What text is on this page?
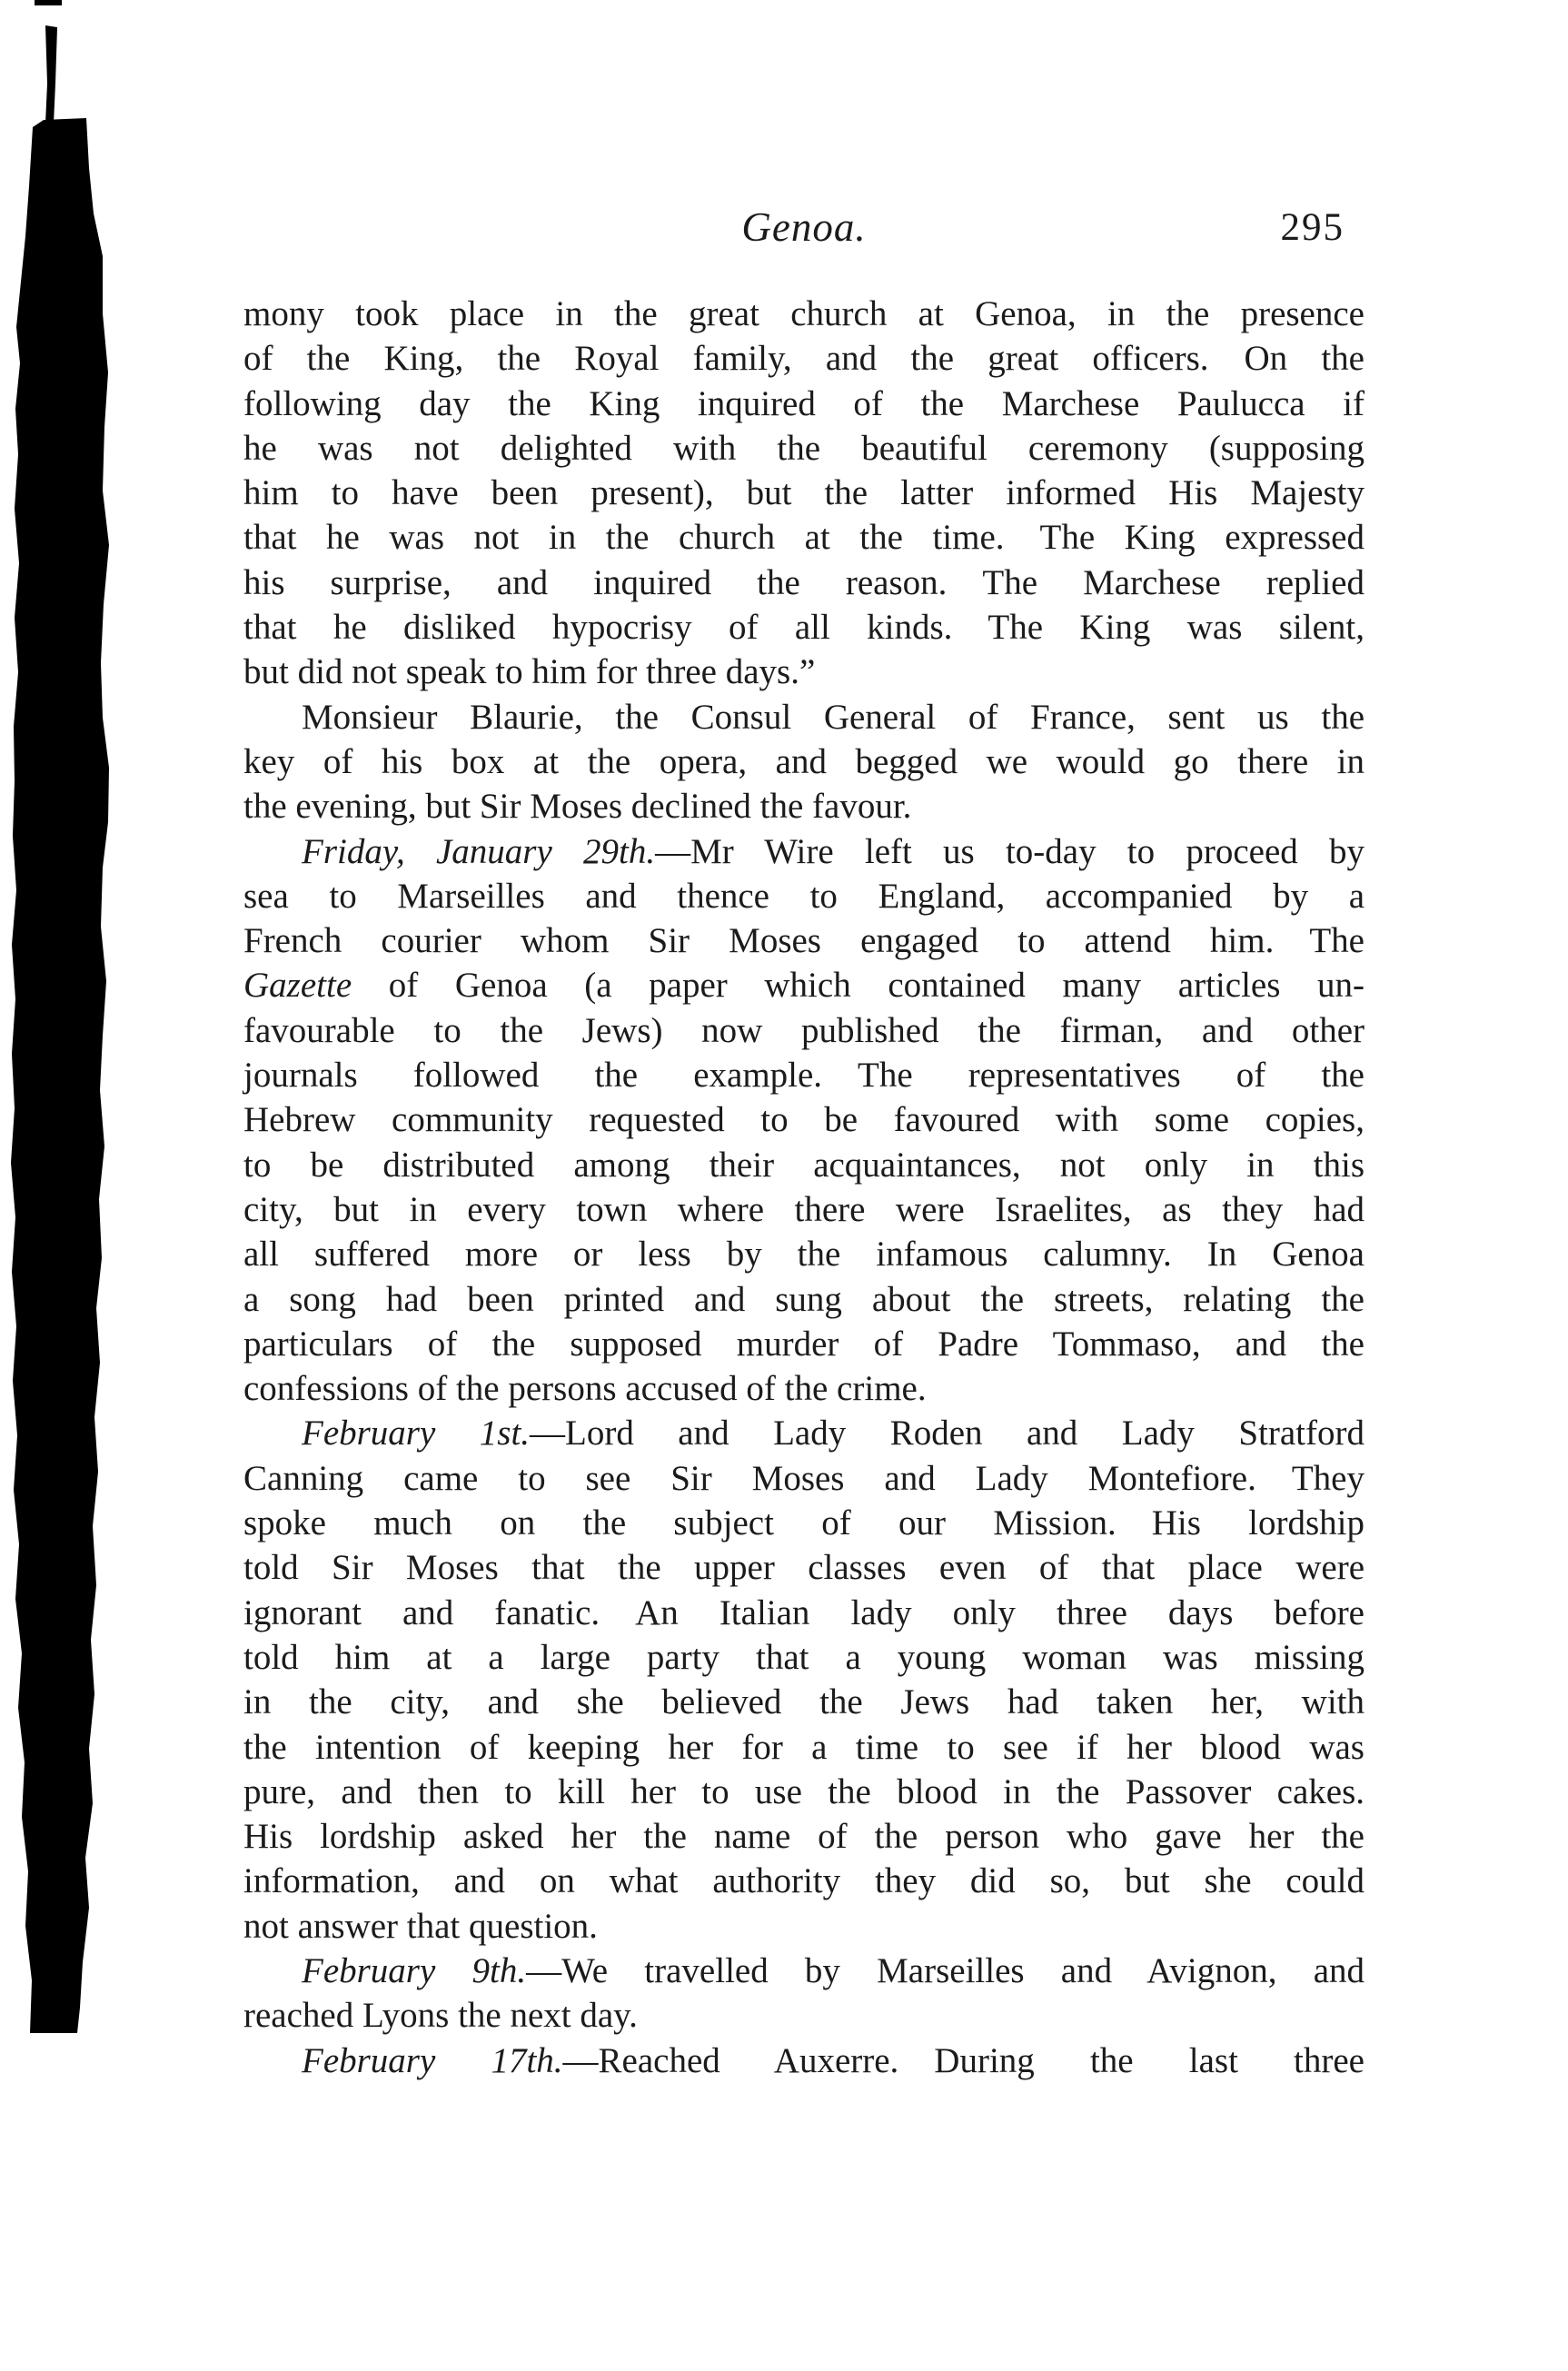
Genoa.	295
mony took place in the great church at Genoa, in the presence
of the King, the Royal family, and the great officers. On the
following day the King inquired of the Marchese Paulucca if
he was not delighted with the beautiful ceremony (supposing
him to have been present), but the latter informed His Majesty
that he was not in the church at the time. The King expressed
his surprise, and inquired the reason. The Marchese replied
that he disliked hypocrisy of all kinds. The King was silent,
but did not speak to him for three days.”
Monsieur Blaurie, the Consul General of France, sent us the
key of his box at the opera, and begged we would go there in
the evening, but Sir Moses declined the favour.
Friday, January 29th.—Mr Wire left us to-day to proceed by
sea to Marseilles and thence to England, accompanied by a
French courier whom Sir Moses engaged to attend him. The
Gazette of Genoa (a paper which contained many articles un-
favourable to the Jews) now published the firman, and other
journals followed the example. The representatives of the
Hebrew community requested to be favoured with some copies,
to be distributed among their acquaintances, not only in this
city, but in every town where there were Israelites, as they had
all suffered more or less by the infamous calumny. In Genoa
a song had been printed and sung about the streets, relating the
particulars of the supposed murder of Padre Tommaso, and the
confessions of the persons accused of the crime.
February 1st.—Lord and Lady Roden and Lady Stratford
Canning came to see Sir Moses and Lady Montefiore. They
spoke much on the subject of our Mission. His lordship
told Sir Moses that the upper classes even of that place were
ignorant and fanatic. An Italian lady only three days before
told him at a large party that a young woman was missing
in the city, and she believed the Jews had taken her, with
the intention of keeping her for a time to see if her blood was
pure, and then to kill her to use the blood in the Passover cakes.
His lordship asked her the name of the person who gave her the
information, and on what authority they did so, but she could
not answer that question.
February 9th.—We travelled by Marseilles and Avignon, and
reached Lyons the next day.
February 17th.—Reached Auxerre. During the last three
